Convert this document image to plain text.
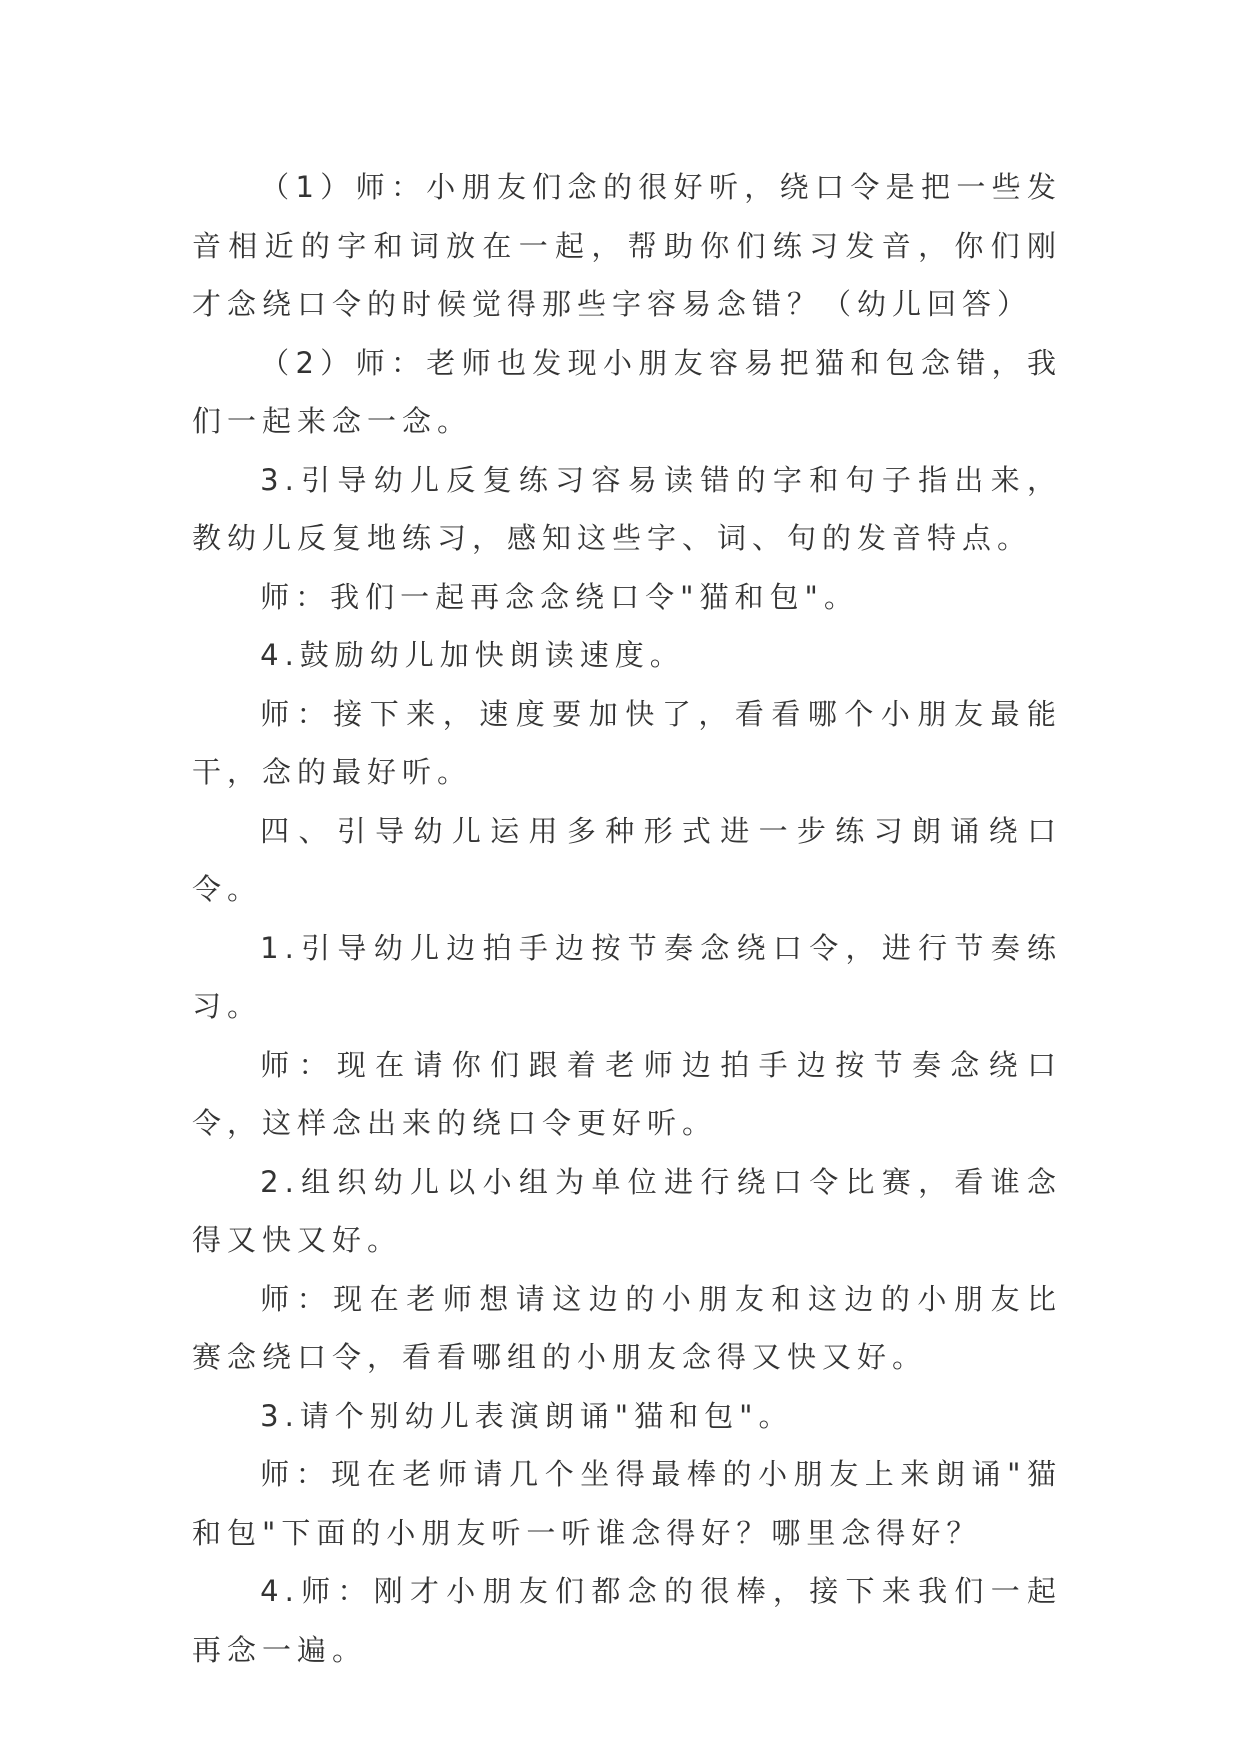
（1）师：小朋友们念的很好听，绕口令是把一些发音相近的字和词放在一起，帮助你们练习发音，你们刚才念绕口令的时候觉得那些字容易念错？（幼儿回答）

（2）师：老师也发现小朋友容易把猫和包念错，我们一起来念一念。

3.引导幼儿反复练习容易读错的字和句子指出来，教幼儿反复地练习，感知这些字、词、句的发音特点。

师：我们一起再念念绕口令"猫和包"。

4.鼓励幼儿加快朗读速度。

师：接下来，速度要加快了，看看哪个小朋友最能干，念的最好听。

四、引导幼儿运用多种形式进一步练习朗诵绕口令。

1.引导幼儿边拍手边按节奏念绕口令，进行节奏练习。

师：现在请你们跟着老师边拍手边按节奏念绕口令，这样念出来的绕口令更好听。

2.组织幼儿以小组为单位进行绕口令比赛，看谁念得又快又好。

师：现在老师想请这边的小朋友和这边的小朋友比赛念绕口令，看看哪组的小朋友念得又快又好。

3.请个别幼儿表演朗诵"猫和包"。

师：现在老师请几个坐得最棒的小朋友上来朗诵"猫和包"下面的小朋友听一听谁念得好？哪里念得好？

4.师：刚才小朋友们都念的很棒，接下来我们一起再念一遍。
